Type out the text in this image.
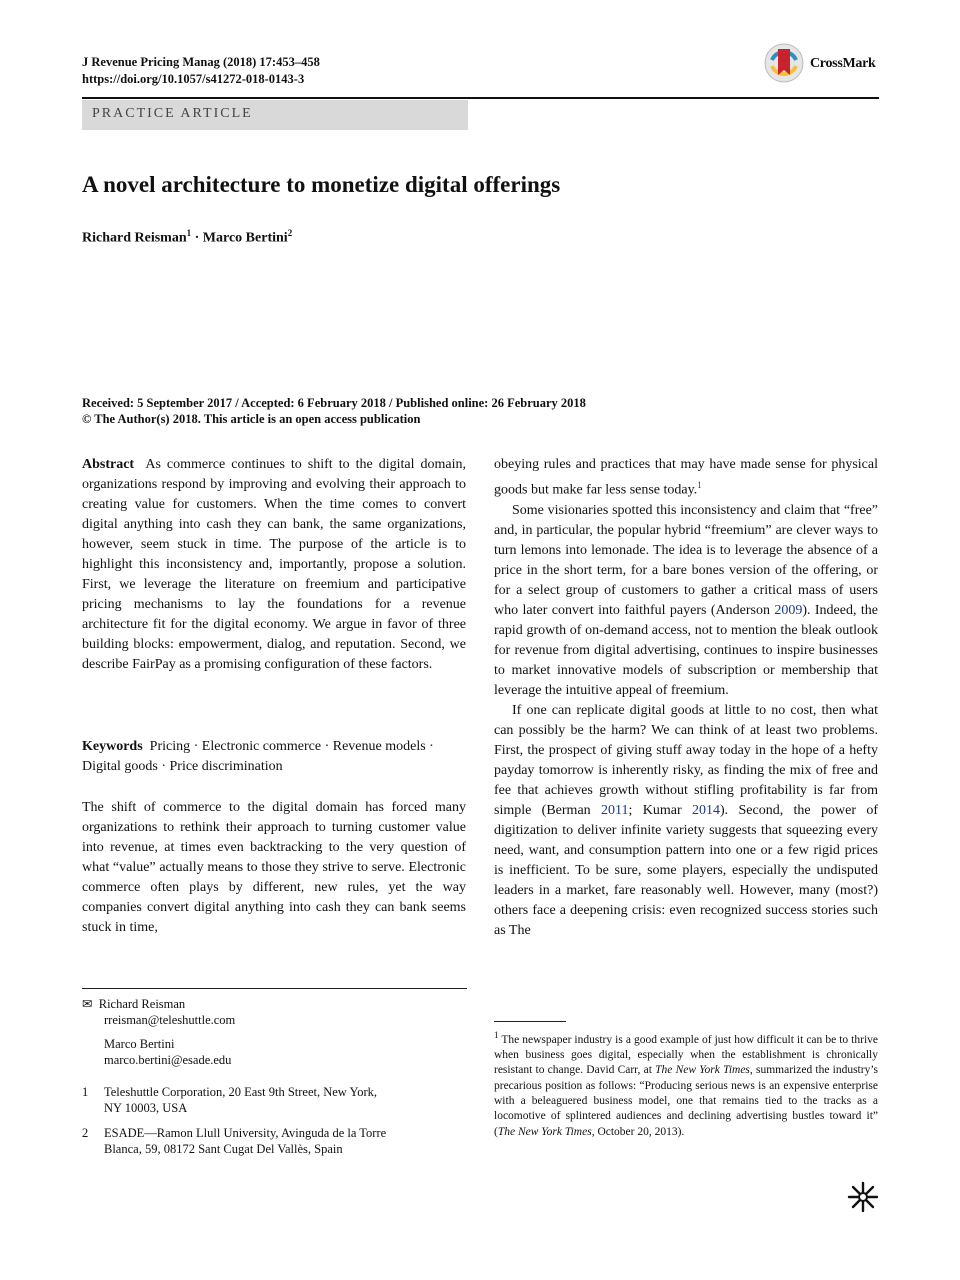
J Revenue Pricing Manag (2018) 17:453–458
https://doi.org/10.1057/s41272-018-0143-3
CrossMark
PRACTICE ARTICLE
A novel architecture to monetize digital offerings
Richard Reisman$^1$ · Marco Bertini$^2$
Received: 5 September 2017 / Accepted: 6 February 2018 / Published online: 26 February 2018
© The Author(s) 2018. This article is an open access publication

Abstract As commerce continues to shift to the digital domain, organizations respond by improving and evolving their approach to creating value for customers. When the time comes to convert digital anything into cash they can bank, the same organizations, however, seem stuck in time. The purpose of the article is to highlight this inconsistency and, importantly, propose a solution. First, we leverage the literature on freemium and participative pricing mechanisms to lay the foundations for a revenue architecture fit for the digital economy. We argue in favor of three building blocks: empowerment, dialog, and reputation. Second, we describe FairPay as a promising configuration of these factors.

Keywords Pricing · Electronic commerce · Revenue models · Digital goods · Price discrimination

The shift of commerce to the digital domain has forced many organizations to rethink their approach to turning customer value into revenue, at times even backtracking to the very question of what “value” actually means to those they strive to serve. Electronic commerce often plays by different, new rules, yet the way companies convert digital anything into cash they can bank seems stuck in time,

✉ Richard Reisman
rreisman@teleshuttle.com
Marco Bertini
marco.bertini@esade.edu
1	Teleshuttle Corporation, 20 East 9th Street, New York,
NY 10003, USA
2	ESADE—Ramon Llull University, Avinguda de la Torre
Blanca, 59, 08172 Sant Cugat Del Vallès, Spain

obeying rules and practices that may have made sense for physical goods but make far less sense today.$^1$

Some visionaries spotted this inconsistency and claim that “free” and, in particular, the popular hybrid “freemium” are clever ways to turn lemons into lemonade. The idea is to leverage the absence of a price in the short term, for a bare bones version of the offering, or for a select group of customers to gather a critical mass of users who later convert into faithful payers (Anderson 2009). Indeed, the rapid growth of on-demand access, not to mention the bleak outlook for revenue from digital advertising, continues to inspire businesses to market innovative models of subscription or membership that leverage the intuitive appeal of freemium.

If one can replicate digital goods at little to no cost, then what can possibly be the harm? We can think of at least two problems. First, the prospect of giving stuff away today in the hope of a hefty payday tomorrow is inherently risky, as finding the mix of free and fee that achieves growth without stifling profitability is far from simple (Berman 2011; Kumar 2014). Second, the power of digitization to deliver infinite variety suggests that squeezing every need, want, and consumption pattern into one or a few rigid prices is inefficient. To be sure, some players, especially the undisputed leaders in a market, fare reasonably well. However, many (most?) others face a deepening crisis: even recognized success stories such as The

$^1$ The newspaper industry is a good example of just how difficult it can be to thrive when business goes digital, especially when the establishment is chronically resistant to change. David Carr, at The New York Times, summarized the industry’s precarious position as follows: “Producing serious news is an expensive enterprise with a beleaguered business model, one that remains tied to the tracks as a locomotive of splintered audiences and declining advertising bustles toward it” (The New York Times, October 20, 2013).
